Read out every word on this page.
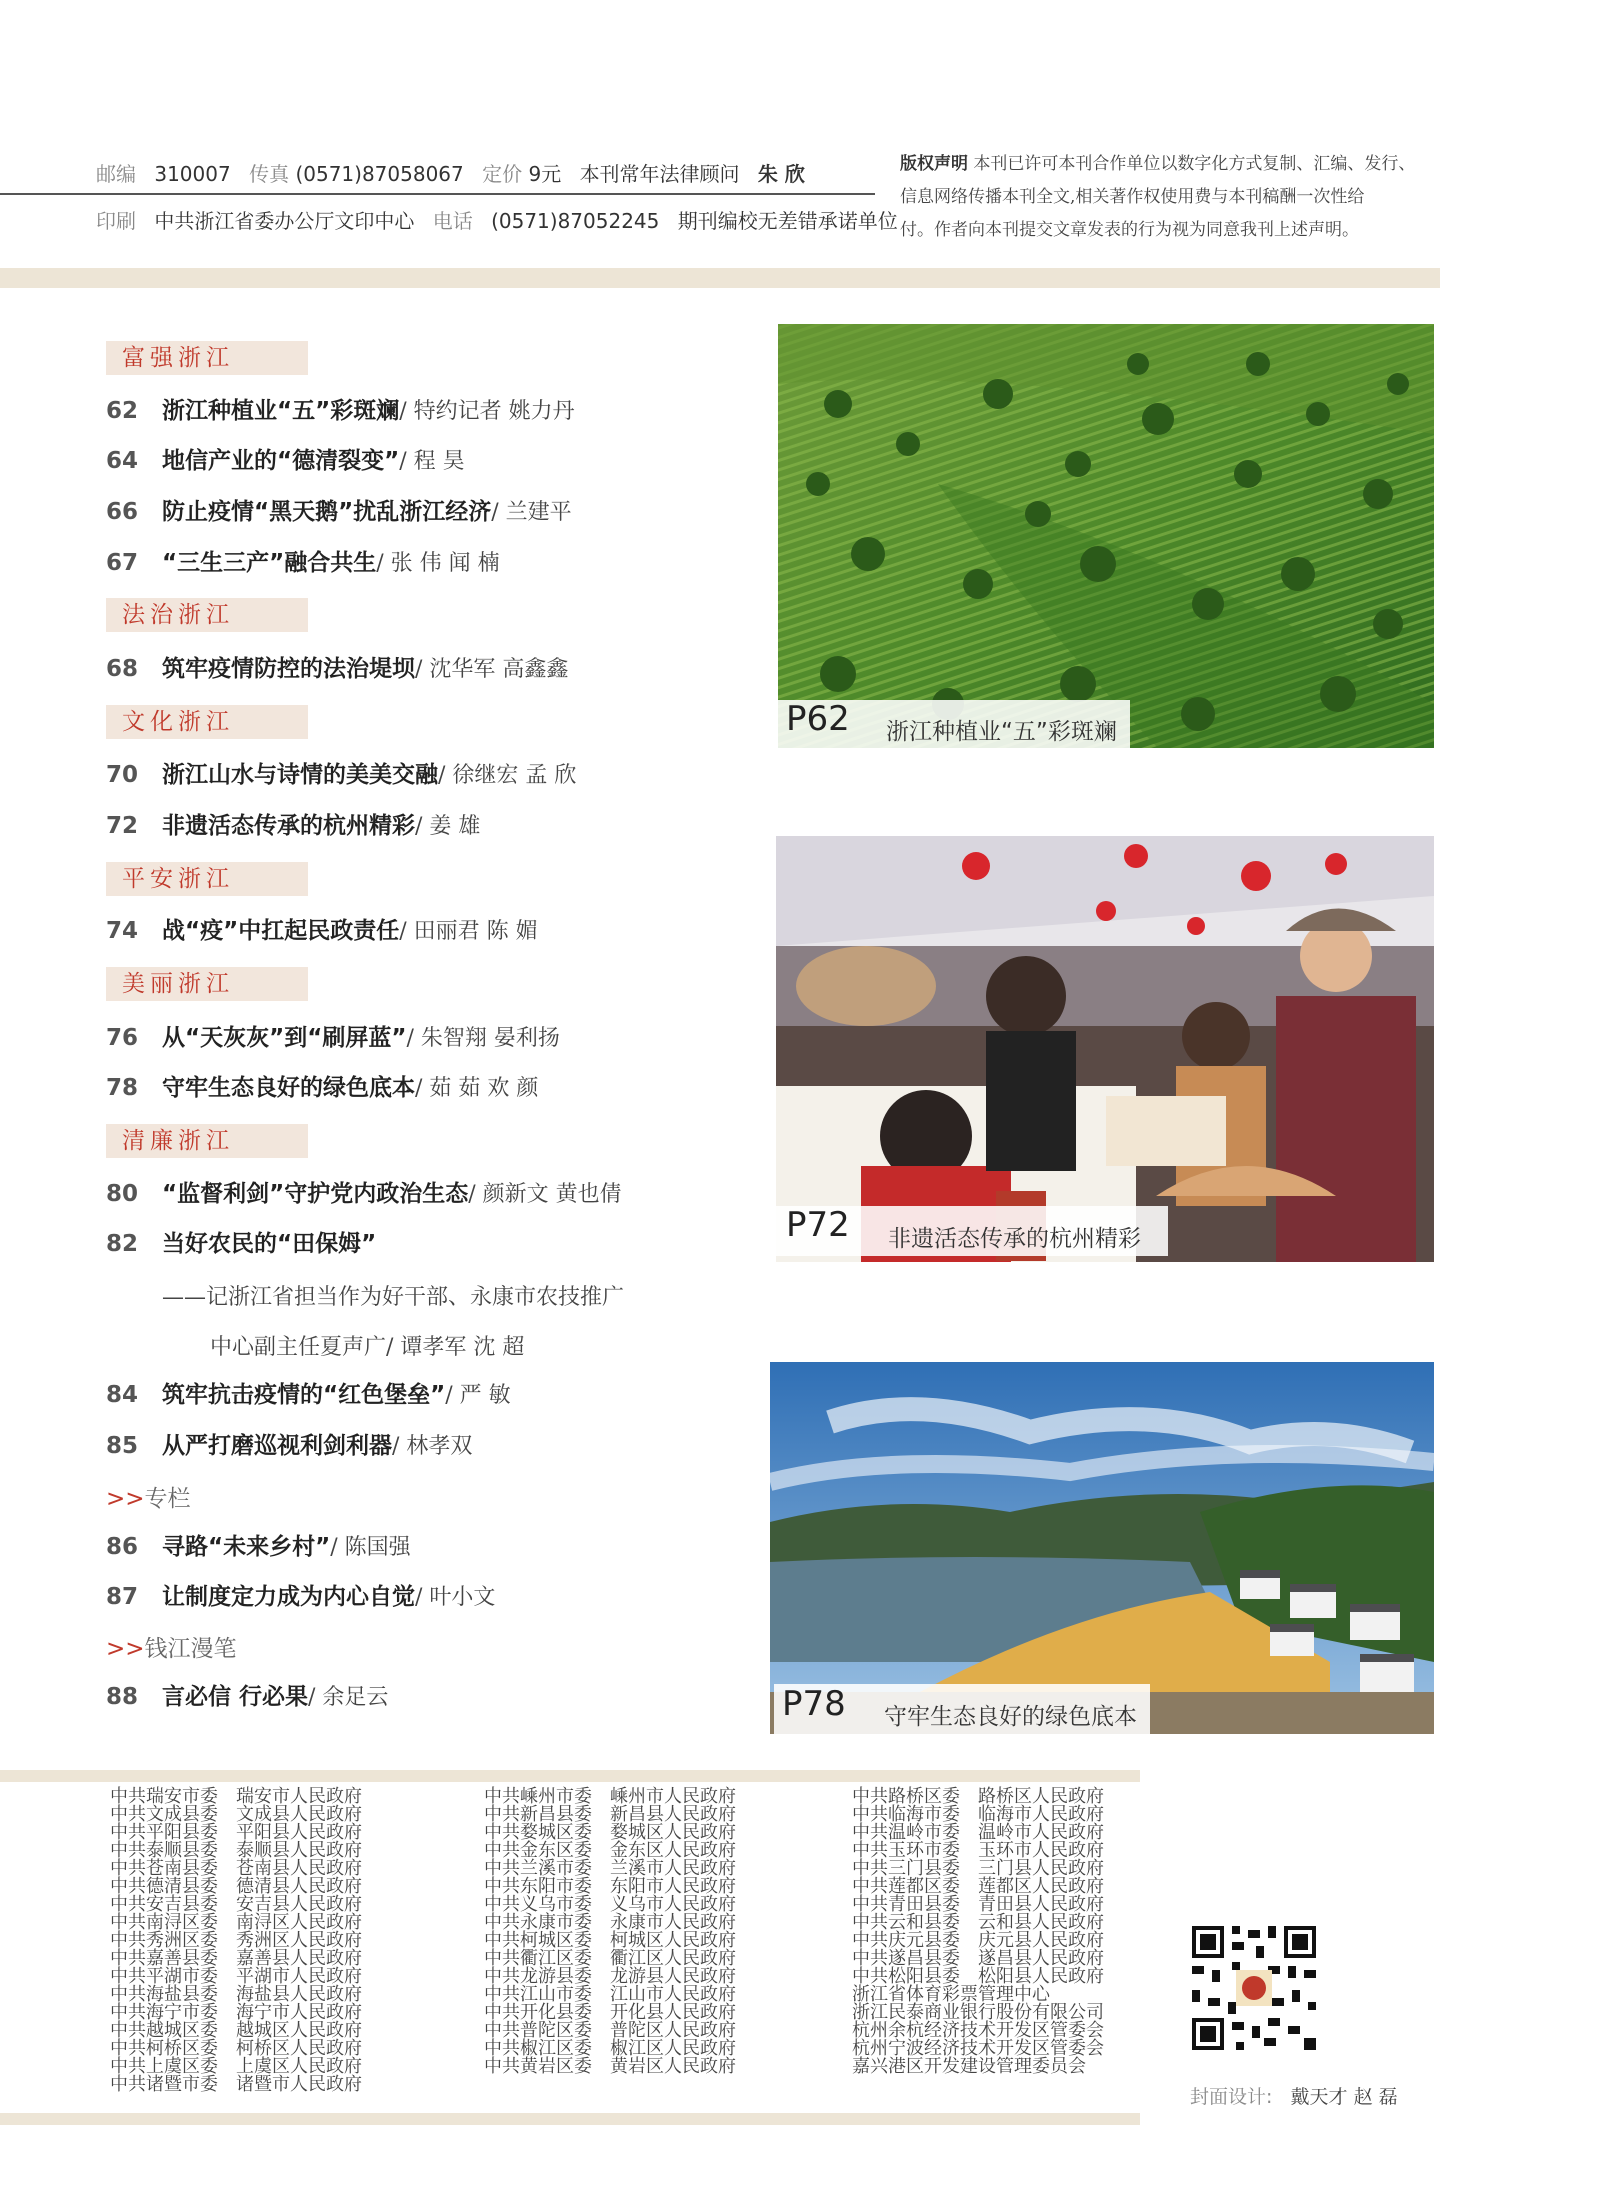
邮编 310007 传真 (0571)87058067 定价 9元 本刊常年法律顾问 朱 欣
印刷 中共浙江省委办公厅文印中心 电话 (0571)87052245 期刊编校无差错承诺单位
版权声明 本刊已许可本刊合作单位以数字化方式复制、汇编、发行、
信息网络传播本刊全文,相关著作权使用费与本刊稿酬一次性给
付。作者向本刊提交文章发表的行为视为同意我刊上述声明。
富强浙江
62 浙江种植业“五”彩斑斓/ 特约记者 姚力丹
64 地信产业的“德清裂变”/ 程 昊
66 防止疫情“黑天鹅”扰乱浙江经济/ 兰建平
67 “三生三产”融合共生/ 张 伟 闻 楠
法治浙江
68 筑牢疫情防控的法治堤坝/ 沈华军 高鑫鑫
文化浙江
70 浙江山水与诗情的美美交融/ 徐继宏 孟 欣
72 非遗活态传承的杭州精彩/ 姜 雄
平安浙江
74 战“疫”中扛起民政责任/ 田丽君 陈 媚
美丽浙江
76 从“天灰灰”到“刷屏蓝”/ 朱智翔 晏利扬
78 守牢生态良好的绿色底本/ 茹 茹 欢 颜
清廉浙江
80 “监督利剑”守护党内政治生态/ 颜新文 黄也倩
82 当好农民的“田保姆”
——记浙江省担当作为好干部、永康市农技推广
中心副主任夏声广/ 谭孝军 沈 超
84 筑牢抗击疫情的“红色堡垒”/ 严 敏
85 从严打磨巡视利剑利器/ 林孝双
>>专栏
86 寻路“未来乡村”/ 陈国强
87 让制度定力成为内心自觉/ 叶小文
>>钱江漫笔
88 言必信 行必果/ 余足云
P62 浙江种植业“五”彩斑斓
P72 非遗活态传承的杭州精彩
P78 守牢生态良好的绿色底本
中共瑞安市委　瑞安市人民政府
中共文成县委　文成县人民政府
中共平阳县委　平阳县人民政府
中共泰顺县委　泰顺县人民政府
中共苍南县委　苍南县人民政府
中共德清县委　德清县人民政府
中共安吉县委　安吉县人民政府
中共南浔区委　南浔区人民政府
中共秀洲区委　秀洲区人民政府
中共嘉善县委　嘉善县人民政府
中共平湖市委　平湖市人民政府
中共海盐县委　海盐县人民政府
中共海宁市委　海宁市人民政府
中共越城区委　越城区人民政府
中共柯桥区委　柯桥区人民政府
中共上虞区委　上虞区人民政府
中共诸暨市委　诸暨市人民政府
中共嵊州市委　嵊州市人民政府
中共新昌县委　新昌县人民政府
中共婺城区委　婺城区人民政府
中共金东区委　金东区人民政府
中共兰溪市委　兰溪市人民政府
中共东阳市委　东阳市人民政府
中共义乌市委　义乌市人民政府
中共永康市委　永康市人民政府
中共柯城区委　柯城区人民政府
中共衢江区委　衢江区人民政府
中共龙游县委　龙游县人民政府
中共江山市委　江山市人民政府
中共开化县委　开化县人民政府
中共普陀区委　普陀区人民政府
中共椒江区委　椒江区人民政府
中共黄岩区委　黄岩区人民政府
中共路桥区委　路桥区人民政府
中共临海市委　临海市人民政府
中共温岭市委　温岭市人民政府
中共玉环市委　玉环市人民政府
中共三门县委　三门县人民政府
中共莲都区委　莲都区人民政府
中共青田县委　青田县人民政府
中共云和县委　云和县人民政府
中共庆元县委　庆元县人民政府
中共遂昌县委　遂昌县人民政府
中共松阳县委　松阳县人民政府
浙江省体育彩票管理中心
浙江民泰商业银行股份有限公司
杭州余杭经济技术开发区管委会
杭州宁波经济技术开发区管委会
嘉兴港区开发建设管理委员会
封面设计: 戴天才 赵 磊
